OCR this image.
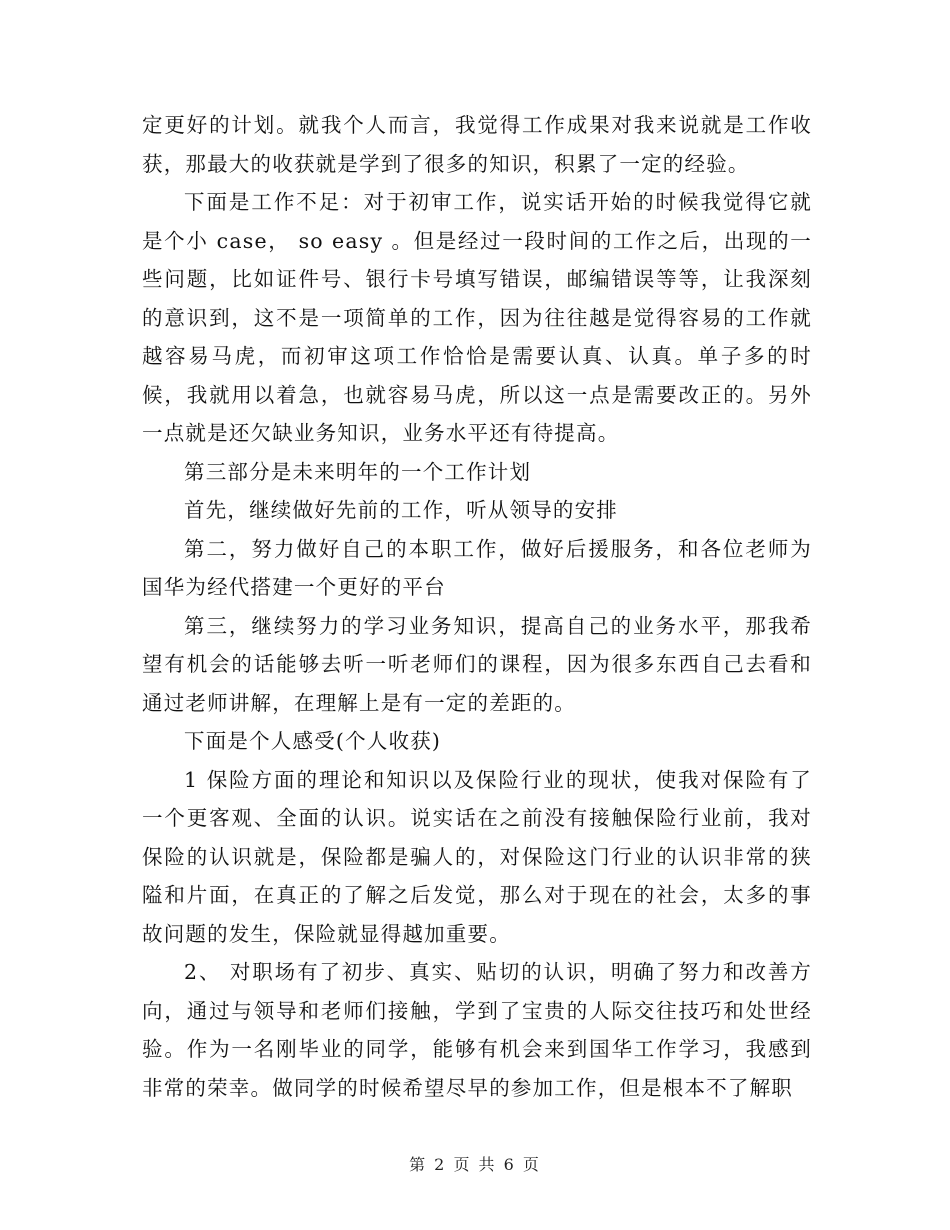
定更好的计划。就我个人而言，我觉得工作成果对我来说就是工作收获，那最大的收获就是学到了很多的知识，积累了一定的经验。

下面是工作不足：对于初审工作，说实话开始的时候我觉得它就是个小 case， so easy 。但是经过一段时间的工作之后，出现的一些问题，比如证件号、银行卡号填写错误，邮编错误等等，让我深刻的意识到，这不是一项简单的工作，因为往往越是觉得容易的工作就越容易马虎，而初审这项工作恰恰是需要认真、认真。单子多的时候，我就用以着急，也就容易马虎，所以这一点是需要改正的。另外一点就是还欠缺业务知识，业务水平还有待提高。

第三部分是未来明年的一个工作计划

首先，继续做好先前的工作，听从领导的安排

第二，努力做好自己的本职工作，做好后援服务，和各位老师为国华为经代搭建一个更好的平台

第三，继续努力的学习业务知识，提高自己的业务水平，那我希望有机会的话能够去听一听老师们的课程，因为很多东西自己去看和通过老师讲解，在理解上是有一定的差距的。

下面是个人感受(个人收获)

1 保险方面的理论和知识以及保险行业的现状，使我对保险有了一个更客观、全面的认识。说实话在之前没有接触保险行业前，我对保险的认识就是，保险都是骗人的，对保险这门行业的认识非常的狭隘和片面，在真正的了解之后发觉，那么对于现在的社会，太多的事故问题的发生，保险就显得越加重要。

2、 对职场有了初步、真实、贴切的认识，明确了努力和改善方向，通过与领导和老师们接触，学到了宝贵的人际交往技巧和处世经验。作为一名刚毕业的同学，能够有机会来到国华工作学习，我感到非常的荣幸。做同学的时候希望尽早的参加工作，但是根本不了解职

第 2 页 共 6 页
